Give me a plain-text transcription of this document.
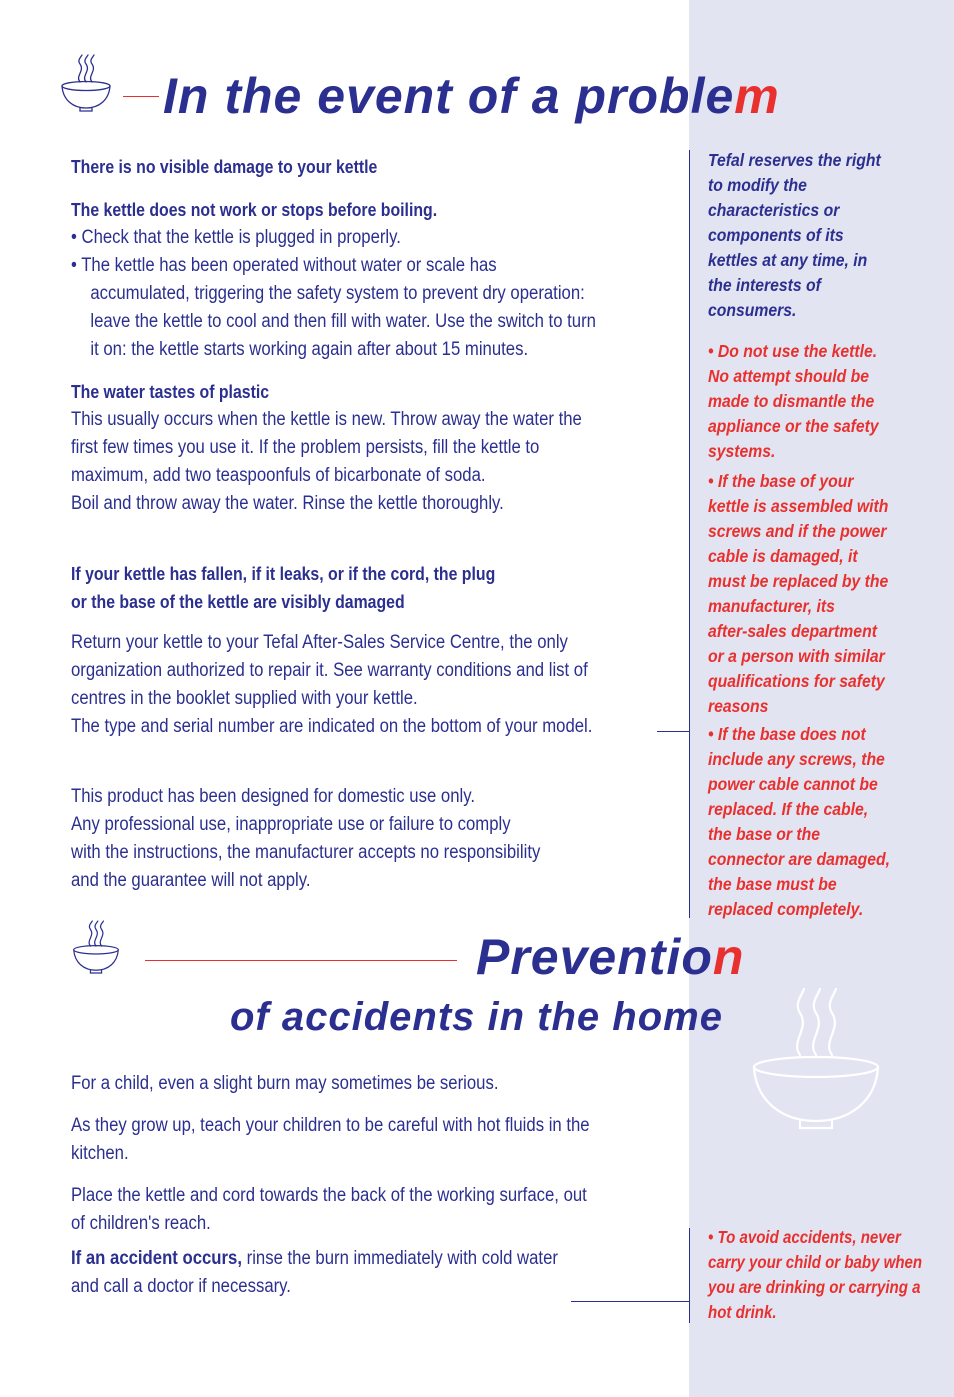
In the event of a problem
There is no visible damage to your kettle
The kettle does not work or stops before boiling.
• Check that the kettle is plugged in properly.
• The kettle has been operated without water or scale has
accumulated, triggering the safety system to prevent dry operation:
leave the kettle to cool and then fill with water. Use the switch to turn
it on: the kettle starts working again after about 15 minutes.
The water tastes of plastic
This usually occurs when the kettle is new. Throw away the water the
first few times you use it. If the problem persists, fill the kettle to
maximum, add two teaspoonfuls of bicarbonate of soda.
Boil and throw away the water. Rinse the kettle thoroughly.
If your kettle has fallen, if it leaks, or if the cord, the plug
or the base of the kettle are visibly damaged
Return your kettle to your Tefal After-Sales Service Centre, the only
organization authorized to repair it. See warranty conditions and list of
centres in the booklet supplied with your kettle.
The type and serial number are indicated on the bottom of your model.
This product has been designed for domestic use only.
Any professional use, inappropriate use or failure to comply
with the instructions, the manufacturer accepts no responsibility
and the guarantee will not apply.
Prevention
of accidents in the home
For a child, even a slight burn may sometimes be serious.
As they grow up, teach your children to be careful with hot fluids in the
kitchen.
Place the kettle and cord towards the back of the working surface, out
of children's reach.
If an accident occurs, rinse the burn immediately with cold water
and call a doctor if necessary.
Tefal reserves the right
to modify the
characteristics or
components of its
kettles at any time, in
the interests of
consumers.
• Do not use the kettle.
No attempt should be
made to dismantle the
appliance or the safety
systems.
• If the base of your
kettle is assembled with
screws and if the power
cable is damaged, it
must be replaced by the
manufacturer, its
after-sales department
or a person with similar
qualifications for safety
reasons
• If the base does not
include any screws, the
power cable cannot be
replaced. If the cable,
the base or the
connector are damaged,
the base must be
replaced completely.
• To avoid accidents, never
carry your child or baby when
you are drinking or carrying a
hot drink.
